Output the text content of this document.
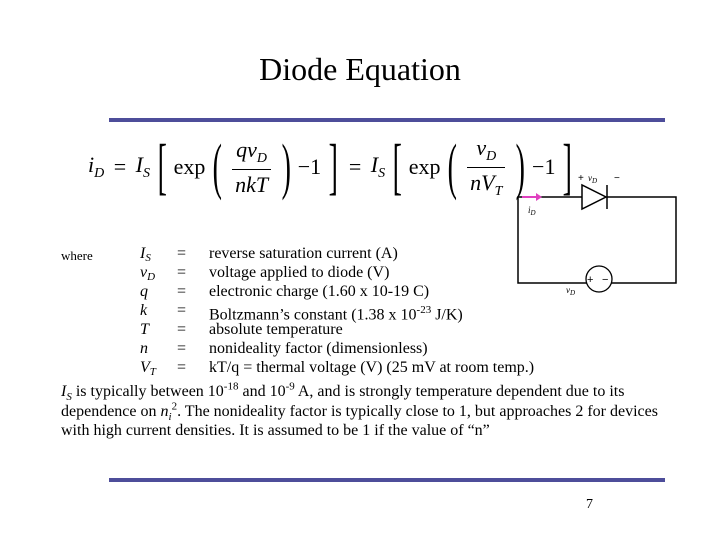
Diode Equation
$i_D = I_S$ [ exp ( $\frac{qv_D}{\text{nkT}}$ ) −1 ] = $I_S$ [ exp ( $\frac{v_D}{nV_T}$ ) −1 ] + $v_D$ −
$i_D$
+ −
$v_D$
where	IS	= reverse saturation current (A)
vD	= voltage applied to diode (V)
q	= electronic charge (1.60 x 10-19 C)
k	= Boltzmann’s constant (1.38 x $10^{-23}$ J/K)
T	= absolute temperature
n	= nonideality factor (dimensionless)
VT	= kT/q = thermal voltage (V) (25 mV at room temp.)
$I_S$ is typically between $10^{-18}$ and $10^{-9}$ A, and is strongly temperature dependent due to its dependence on $n_i^2$. The nonideality factor is typically close to 1, but approaches 2 for devices with high current densities. It is assumed to be 1 if the value of “n”
7
